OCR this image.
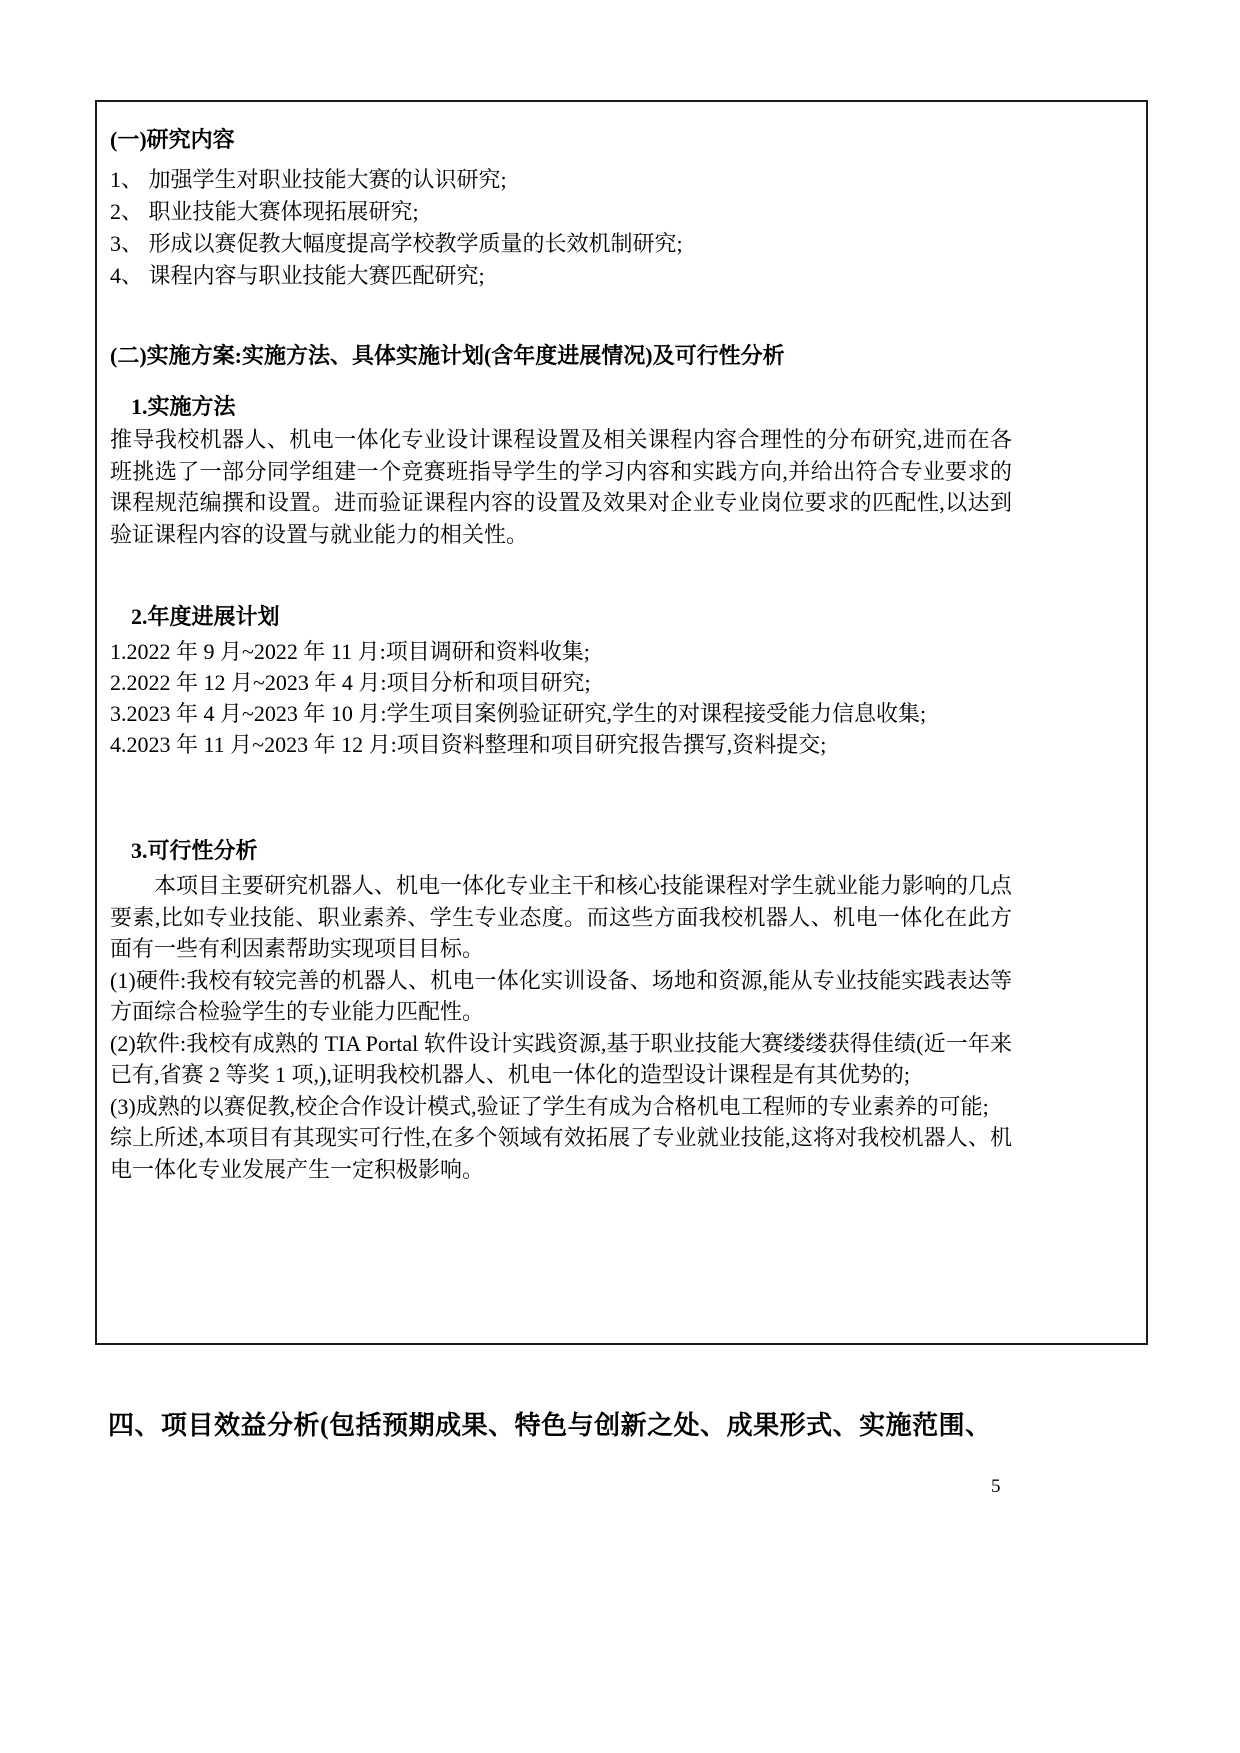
(一)研究内容
1、 加强学生对职业技能大赛的认识研究;
2、 职业技能大赛体现拓展研究;
3、 形成以赛促教大幅度提高学校教学质量的长效机制研究;
4、 课程内容与职业技能大赛匹配研究;
(二)实施方案:实施方法、具体实施计划(含年度进展情况)及可行性分析
1.实施方法

推导我校机器人、机电一体化专业设计课程设置及相关课程内容合理性的分布研究,进而在各班挑选了一部分同学组建一个竞赛班指导学生的学习内容和实践方向,并给出符合专业要求的课程规范编撰和设置。进而验证课程内容的设置及效果对企业专业岗位要求的匹配性,以达到验证课程内容的设置与就业能力的相关性。

2.年度进展计划
1.2022 年 9 月~2022 年 11 月:项目调研和资料收集;
2.2022 年 12 月~2023 年 4 月:项目分析和项目研究;
3.2023 年 4 月~2023 年 10 月:学生项目案例验证研究,学生的对课程接受能力信息收集;
4.2023 年 11 月~2023 年 12 月:项目资料整理和项目研究报告撰写,资料提交;
3.可行性分析

本项目主要研究机器人、机电一体化专业主干和核心技能课程对学生就业能力影响的几点要素,比如专业技能、职业素养、学生专业态度。而这些方面我校机器人、机电一体化在此方面有一些有利因素帮助实现项目目标。

(1)硬件:我校有较完善的机器人、机电一体化实训设备、场地和资源,能从专业技能实践表达等方面综合检验学生的专业能力匹配性。

(2)软件:我校有成熟的 TIA Portal 软件设计实践资源,基于职业技能大赛缕缕获得佳绩(近一年来已有,省赛 2 等奖 1 项,),证明我校机器人、机电一体化的造型设计课程是有其优势的;

(3)成熟的以赛促教,校企合作设计模式,验证了学生有成为合格机电工程师的专业素养的可能;

综上所述,本项目有其现实可行性,在多个领域有效拓展了专业就业技能,这将对我校机器人、机电一体化专业发展产生一定积极影响。

四、项目效益分析(包括预期成果、特色与创新之处、成果形式、实施范围、
5
